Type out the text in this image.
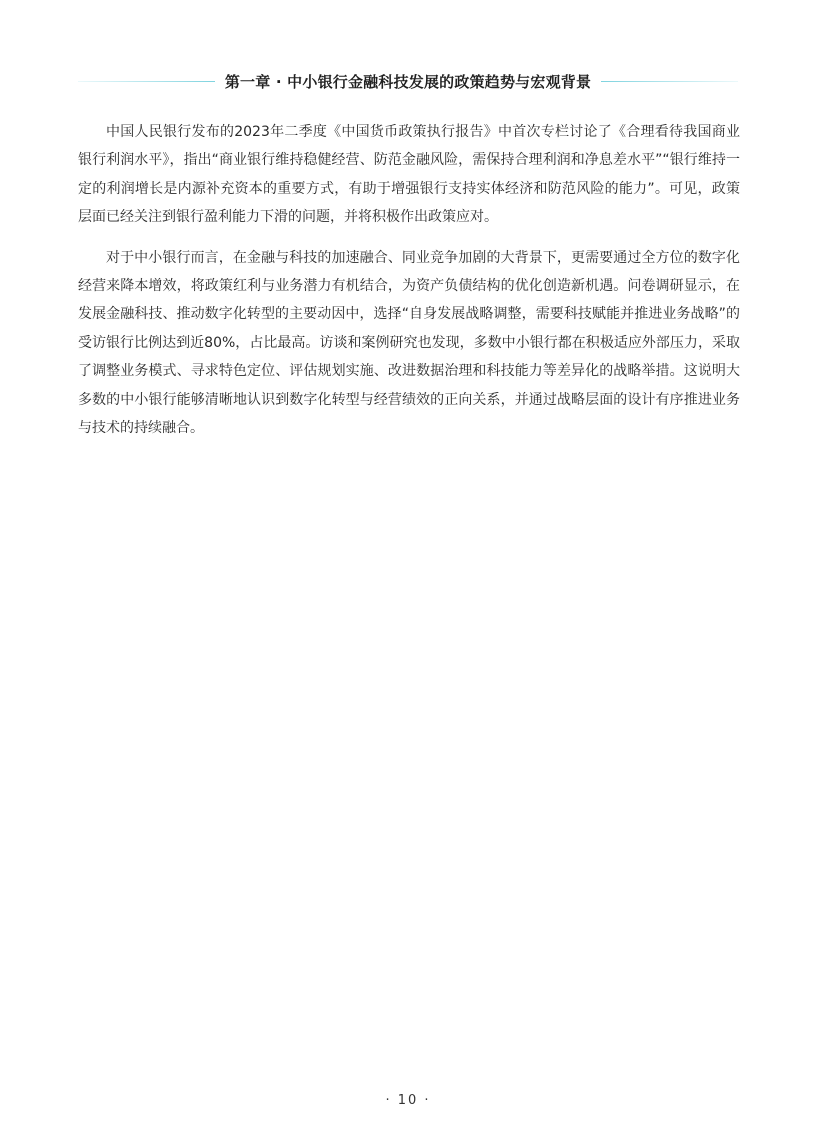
第一章 · 中小银行金融科技发展的政策趋势与宏观背景

中国人民银行发布的2023年二季度《中国货币政策执行报告》中首次专栏讨论了《合理看待我国商业银行利润水平》，指出“商业银行维持稳健经营、防范金融风险，需保持合理利润和净息差水平”“银行维持一定的利润增长是内源补充资本的重要方式，有助于增强银行支持实体经济和防范风险的能力”。可见，政策层面已经关注到银行盈利能力下滑的问题，并将积极作出政策应对。

对于中小银行而言，在金融与科技的加速融合、同业竞争加剧的大背景下，更需要通过全方位的数字化经营来降本增效，将政策红利与业务潜力有机结合，为资产负债结构的优化创造新机遇。问卷调研显示，在发展金融科技、推动数字化转型的主要动因中，选择“自身发展战略调整，需要科技赋能并推进业务战略”的受访银行比例达到近80%，占比最高。访谈和案例研究也发现，多数中小银行都在积极适应外部压力，采取了调整业务模式、寻求特色定位、评估规划实施、改进数据治理和科技能力等差异化的战略举措。这说明大多数的中小银行能够清晰地认识到数字化转型与经营绩效的正向关系，并通过战略层面的设计有序推进业务与技术的持续融合。

· 10 ·
